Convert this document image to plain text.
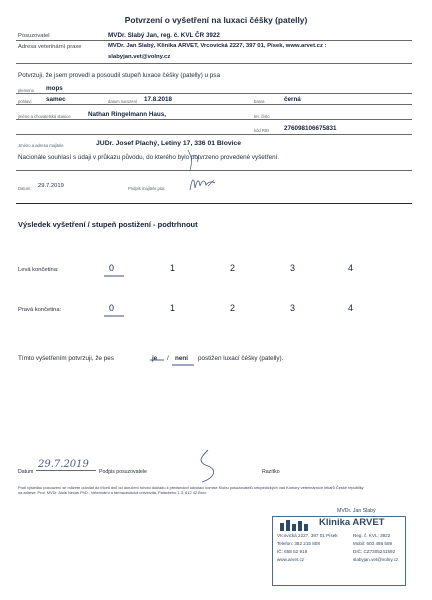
Potvrzení o vyšetření na luxaci čéšky (patelly)
Posuzovatel	MVDr. Slabý Jan, reg. č. KVL ČR 3922
Adresa veterinární praxe	MVDr. Jan Slabý, Klinika ARVET, Vrcovická 2227, 397 01, Písek, www.arvet.cz :
slabyjan.vet@volny.cz
Potvrzuji, že jsem provedl a posoudil stupeň luxace čéšky (patelly) u psa
plemeno mops
pohlaví samec	datum narození 17.8.2018	barva	černá
jméno a chovatelská stanice	Nathan Ringelmann Haus,	tet. číslo
kód RID 276098106675831
Jméno a adresa majitele	JUDr. Josef Plachý, Letiny 17, 336 01 Blovice
Nacionále souhlasí s údaji v průkazu původu, do kterého bylo potvrzeno provedené vyšetření.
Datum: 29.7.2019	Podpis majitele psa:
Výsledek vyšetření / stupeň postižení - podtrhnout
Levá končetina:	0	1	2	3	4
Pravá končetina:	0	1	2	3	4
Tímto vyšetřením potvrzuji, že pes	je / není postižen luxací čéšky (patelly).
MVDr. Jan Slabý
Klinika ARVET
Vrcovická 2227, 397 01 Písek	Reg. č. KVL: 3922
Telefon: 382 215 808	Mobil: 603 486 589
IČ: 658 52 918	DIČ: CZ7305241592
www.arvet.cz	slabyjan.vet@volny.cz
Datum
29.7.2019
Podpis posuzovatele	Razítko
Proti výsledku posouzení se můžete odvolat do třiceti dnů od doručení tohoto dokladu k předsedovi odvolací komise Klubu posuzovatelů ortopedických vad Komory veterinárních lékařů České republiky na adrese: Prof. MVDr. Alois Nečas PhD., Veterinární a farmaceutická univerzita, Palackého 1-3, 612 42 Brno
